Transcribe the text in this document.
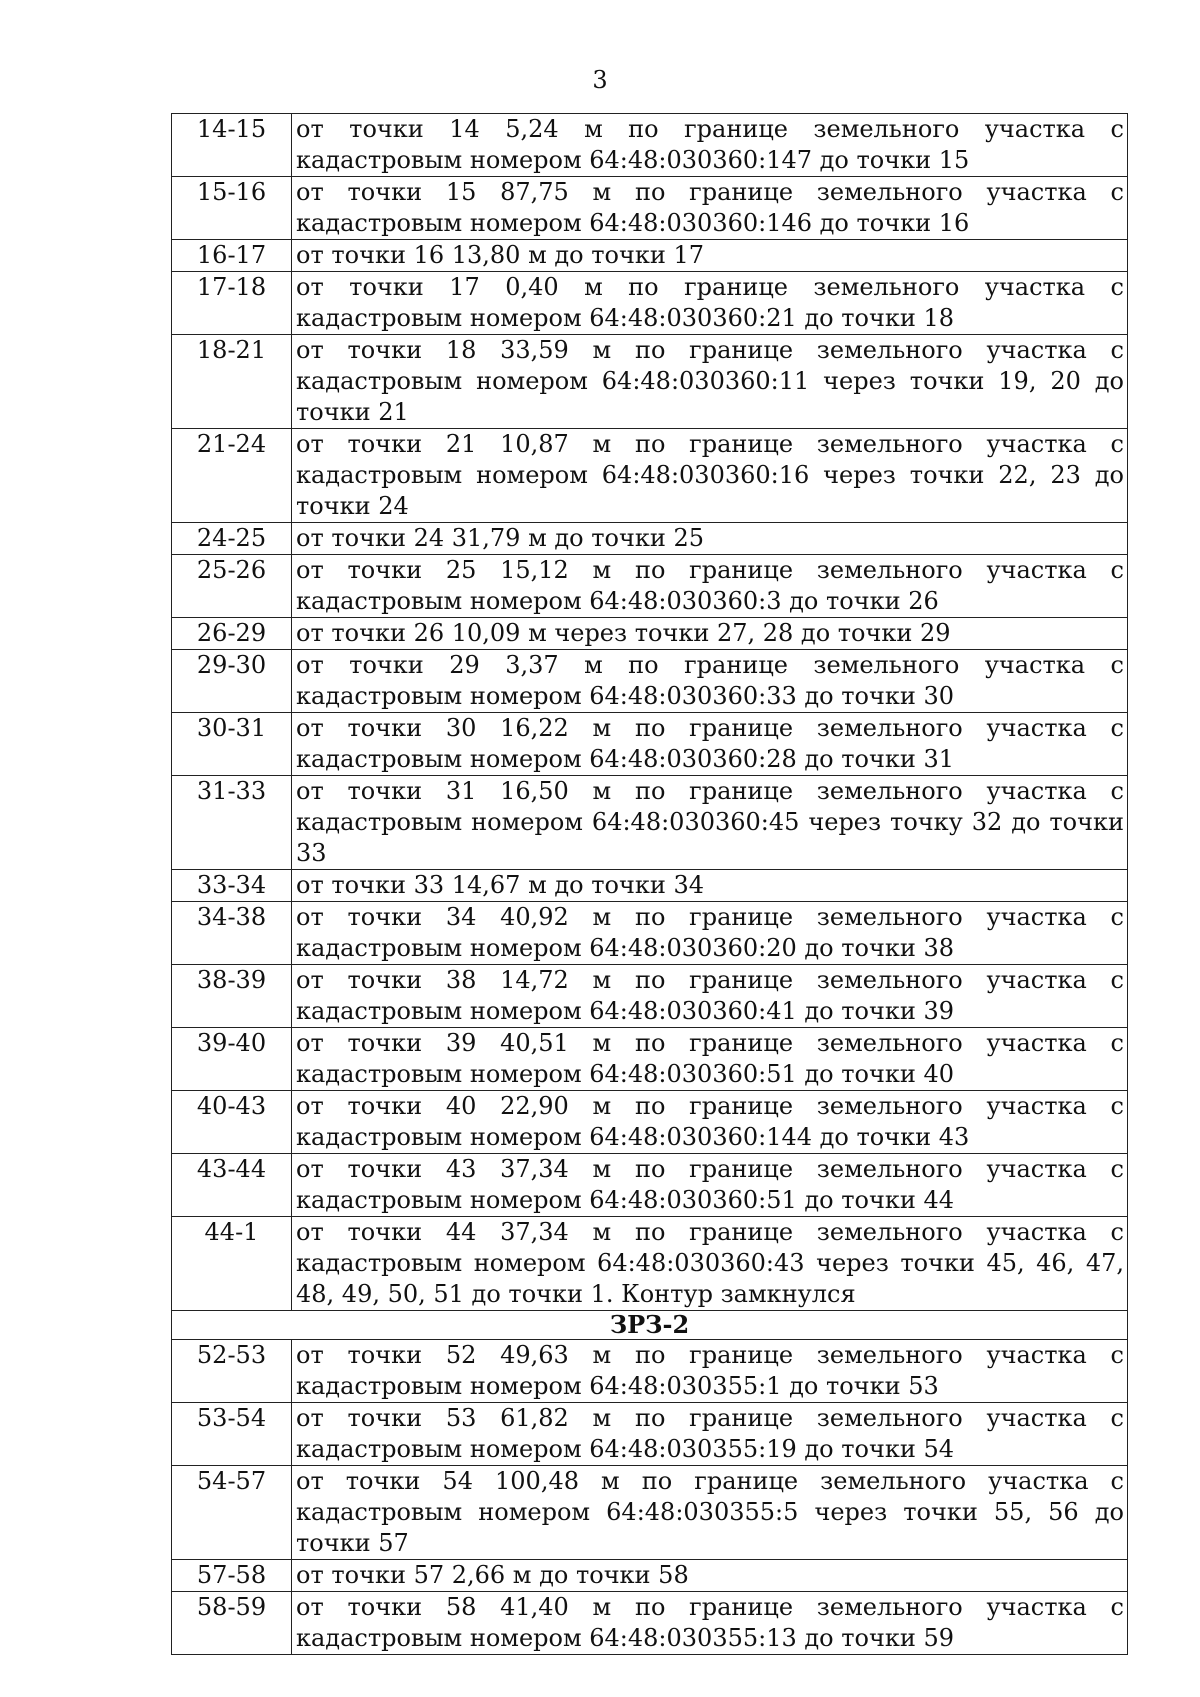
3
14-15	от точки 14 5,24 м по границе земельного участка с кадастровым номером 64:48:030360:147 до точки 15
15-16	от точки 15 87,75 м по границе земельного участка с кадастровым номером 64:48:030360:146 до точки 16
16-17	от точки 16 13,80 м до точки 17
17-18	от точки 17 0,40 м по границе земельного участка с кадастровым номером 64:48:030360:21 до точки 18
18-21	от точки 18 33,59 м по границе земельного участка с кадастровым номером 64:48:030360:11 через точки 19, 20 до точки 21
21-24	от точки 21 10,87 м по границе земельного участка с кадастровым номером 64:48:030360:16 через точки 22, 23 до точки 24
24-25	от точки 24 31,79 м до точки 25
25-26	от точки 25 15,12 м по границе земельного участка с кадастровым номером 64:48:030360:3 до точки 26
26-29	от точки 26 10,09 м через точки 27, 28 до точки 29
29-30	от точки 29 3,37 м по границе земельного участка с кадастровым номером 64:48:030360:33 до точки 30
30-31	от точки 30 16,22 м по границе земельного участка с кадастровым номером 64:48:030360:28 до точки 31
31-33	от точки 31 16,50 м по границе земельного участка с кадастровым номером 64:48:030360:45 через точку 32 до точки 33
33-34	от точки 33 14,67 м до точки 34
34-38	от точки 34 40,92 м по границе земельного участка с кадастровым номером 64:48:030360:20 до точки 38
38-39	от точки 38 14,72 м по границе земельного участка с кадастровым номером 64:48:030360:41 до точки 39
39-40	от точки 39 40,51 м по границе земельного участка с кадастровым номером 64:48:030360:51 до точки 40
40-43	от точки 40 22,90 м по границе земельного участка с кадастровым номером 64:48:030360:144 до точки 43
43-44	от точки 43 37,34 м по границе земельного участка с кадастровым номером 64:48:030360:51 до точки 44
44-1	от точки 44 37,34 м по границе земельного участка с кадастровым номером 64:48:030360:43 через точки 45, 46, 47, 48, 49, 50, 51 до точки 1. Контур замкнулся
ЗРЗ-2	
52-53	от точки 52 49,63 м по границе земельного участка с кадастровым номером 64:48:030355:1 до точки 53
53-54	от точки 53 61,82 м по границе земельного участка с кадастровым номером 64:48:030355:19 до точки 54
54-57	от точки 54 100,48 м по границе земельного участка с кадастровым номером 64:48:030355:5 через точки 55, 56 до точки 57
57-58	от точки 57 2,66 м до точки 58
58-59	от точки 58 41,40 м по границе земельного участка с кадастровым номером 64:48:030355:13 до точки 59
